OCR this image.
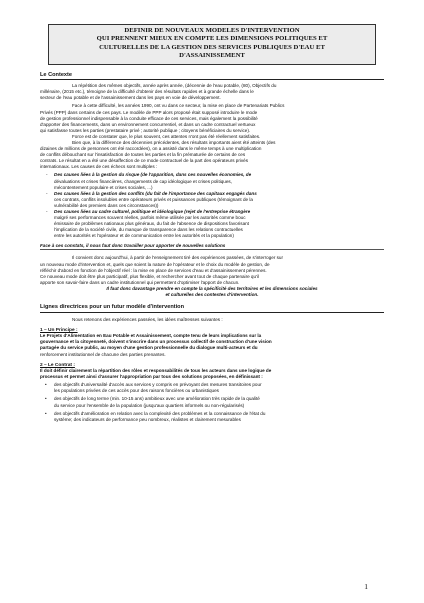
DEFINIR DE NOUVEAUX MODELES D'INTERVENTION
QUI PRENNENT MIEUX EN COMPTE LES DIMENSIONS POLITIQUES ET
CULTURELLES DE LA GESTION DES SERVICES PUBLIQUES D'EAU ET
D'ASSAINISSEMENT
Le Contexte
La répétition des mêmes objectifs, année après année, (décennie de l'eau potable, (80), Objectifs du
millénaire, (2015 etc.), témoigne de la difficulté d'obtenir des résultats rapides et à grande échelle dans le
secteur de l'eau potable et de l'assainissement dans les pays en voie de développement.
Face à cette difficulté, les années 1990, ont vu dans ce secteur, la mise en place de Partenariats Publics
Privés (PPP) dans certains de ces pays. Le modèle de PPP alors proposé était supposé introduire le mode
de gestion professionnel indispensable à la conduite efficace de ces services, mais également la possibilité
d'apporter des financements, dans un environnement concurrentiel, et dans un cadre contractuel vertueux
qui satisfasse toutes les parties (prestataire privé ; autorité publique ; citoyens bénéficiaires du service).
Force est de constater que, le plus souvent, ces attentes n'ont pas été réellement satisfaites.
Bien que, à la différence des décennies précédentes, des résultats importants aient été atteints (des
dizaines de millions de personnes ont été raccordées), on a assisté dans le même temps à une multiplication
de conflits débouchant sur l'insatisfaction de toutes les parties et la fin prématurée de certains de ces
contrats. Le résultat en a été une désaffection de ce mode contractuel de la part des opérateurs privés
internationaux. Les causes de ces échecs sont multiples :
- Des causes liées à la gestion du risque (de l'apparition, dans ces nouvelles économies, de
dévaluations et crises financières, changements de cap idéologique et crises politiques,
mécontentement populaire et crises sociales, ...)
- Des causes liées à la gestion des conflits (du fait de l'importance des capitaux engagés dans
ces contrats, conflits insolubles entre opérateurs privés et puissances publiques (témoignant de la
vulnérabilité des premiers dans ces circonstances))
- Des causes liées au cadre culturel, politique et idéologique (rejet de l'entreprise étrangère
malgré ses performances souvent réelles, parfois même utilisée par les autorités comme bouc
émissaire de problèmes nationaux plus généraux, du fait de l'absence de dispositions favorisant
l'implication de la société civile, du manque de transparence dans les relations contractuelles
entre les autorités et l'opérateur et de communication entre les autorités et la population)
Face à ces constats, il nous faut donc travailler pour apporter de nouvelles solutions
Il convient donc aujourd'hui, à partir de l'enseignement tiré des expériences passées, de s'interroger sur
un nouveau mode d'intervention et, quels que soient la nature de l'opérateur et le choix du modèle de gestion, de
réfléchir d'abord en fonction de l'objectif réel : la mise en place de services d'eau et d'assainissement pérennes.
Ce nouveau mode doit être plus participatif, plus flexible, et rechercher avant tout de chaque partenaire qu'il
apporte son savoir-faire dans un cadre institutionnel qui permettent d'optimiser l'apport de chacun.
Il faut donc davantage prendre en compte la spécificité des territoires et les dimensions sociales
et culturelles des contextes d'intervention.
Lignes directrices pour un futur modèle d'intervention
Nous retenons des expériences passées, les idées maîtresses suivantes :
1 – Un Principe :
Le Projets d'Alimentation en Eau Potable et Assainissement, compte tenu de leurs implications sur la
gouvernance et la citoyenneté, doivent s'inscrire dans un processus collectif de construction d'une vision
partagée du service public, au moyen d'une gestion professionnelle du dialogue multi-acteurs et du
renforcement institutionnel de chacune des parties prenantes.
2 – Le Contrat :
Il doit définir clairement la répartition des rôles et responsabilités de tous les acteurs dans une logique de
processus et permet ainsi d'assurer l'appropriation par tous des solutions proposées, en définissant :
• des objectifs d'universalité d'accès aux services y compris en prévoyant des mesures transitoires pour
les populations privées de ces accès pour des raisons foncières ou urbanistiques
• des objectifs de long terme (min. 10-15 ans) ambitieux avec une amélioration très rapide de la qualité
du service pour l'ensemble de la population (jusqu'aux quartiers informels ou non-régularisés)
• des objectifs d'amélioration en relation avec la complexité des problèmes et la connaissance de l'état du
système; des indicateurs de performance peu nombreux, réalistes et clairement mesurables
1
